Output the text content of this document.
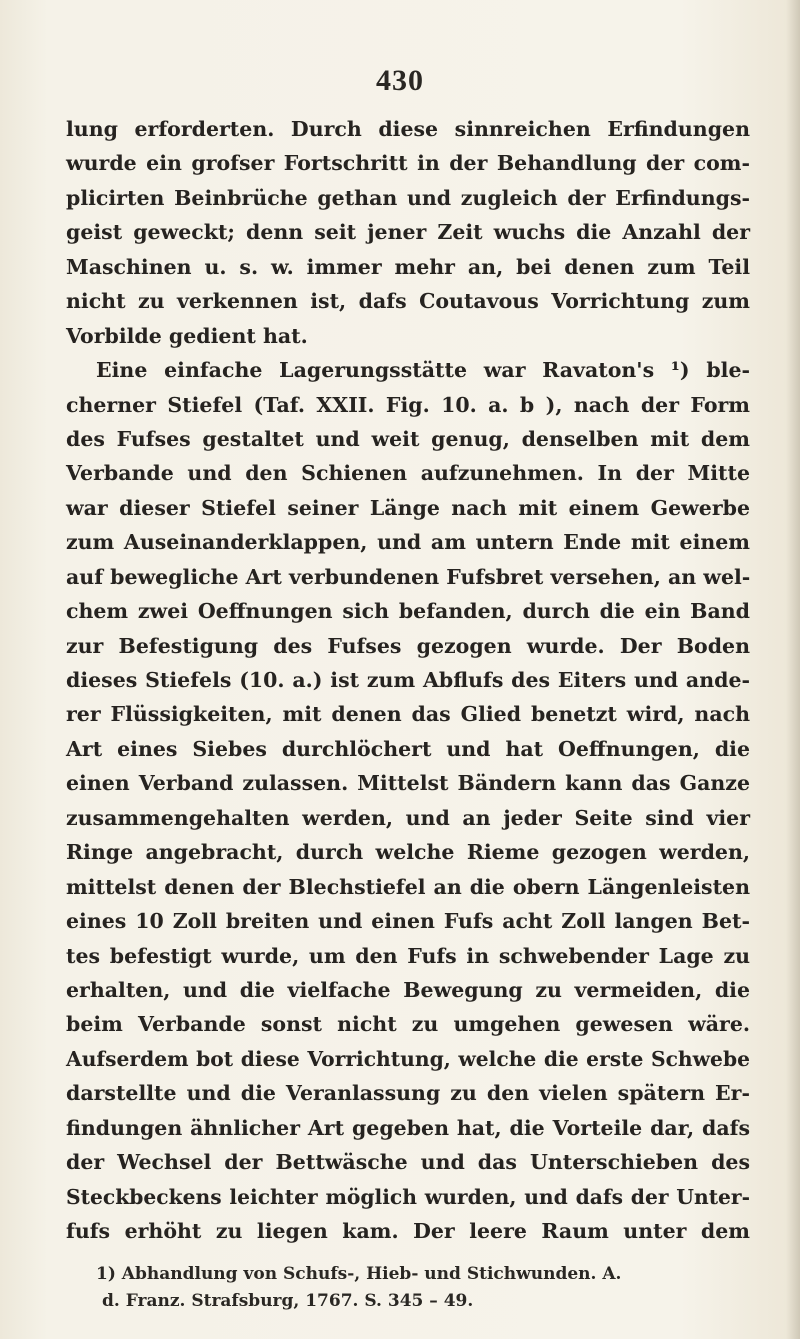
430
lung erforderten. Durch diese sinnreichen Erfindungen
wurde ein grofser Fortschritt in der Behandlung der com-
plicirten Beinbrüche gethan und zugleich der Erfindungs-
geist geweckt; denn seit jener Zeit wuchs die Anzahl der
Maschinen u. s. w. immer mehr an, bei denen zum Teil
nicht zu verkennen ist, dafs Coutavous Vorrichtung zum
Vorbilde gedient hat.
Eine einfache Lagerungsstätte war Ravaton's ¹) ble-
cherner Stiefel (Taf. XXII. Fig. 10. a. b ), nach der Form
des Fufses gestaltet und weit genug, denselben mit dem
Verbande und den Schienen aufzunehmen. In der Mitte
war dieser Stiefel seiner Länge nach mit einem Gewerbe
zum Auseinanderklappen, und am untern Ende mit einem
auf bewegliche Art verbundenen Fufsbret versehen, an wel-
chem zwei Oeffnungen sich befanden, durch die ein Band
zur Befestigung des Fufses gezogen wurde. Der Boden
dieses Stiefels (10. a.) ist zum Abflufs des Eiters und ande-
rer Flüssigkeiten, mit denen das Glied benetzt wird, nach
Art eines Siebes durchlöchert und hat Oeffnungen, die
einen Verband zulassen. Mittelst Bändern kann das Ganze
zusammengehalten werden, und an jeder Seite sind vier
Ringe angebracht, durch welche Rieme gezogen werden,
mittelst denen der Blechstiefel an die obern Längenleisten
eines 10 Zoll breiten und einen Fufs acht Zoll langen Bet-
tes befestigt wurde, um den Fufs in schwebender Lage zu
erhalten, und die vielfache Bewegung zu vermeiden, die
beim Verbande sonst nicht zu umgehen gewesen wäre.
Aufserdem bot diese Vorrichtung, welche die erste Schwebe
darstellte und die Veranlassung zu den vielen spätern Er-
findungen ähnlicher Art gegeben hat, die Vorteile dar, dafs
der Wechsel der Bettwäsche und das Unterschieben des
Steckbeckens leichter möglich wurden, und dafs der Unter-
fufs erhöht zu liegen kam. Der leere Raum unter dem
1) Abhandlung von Schufs-, Hieb- und Stichwunden. A.
d. Franz. Strafsburg, 1767. S. 345 – 49.
